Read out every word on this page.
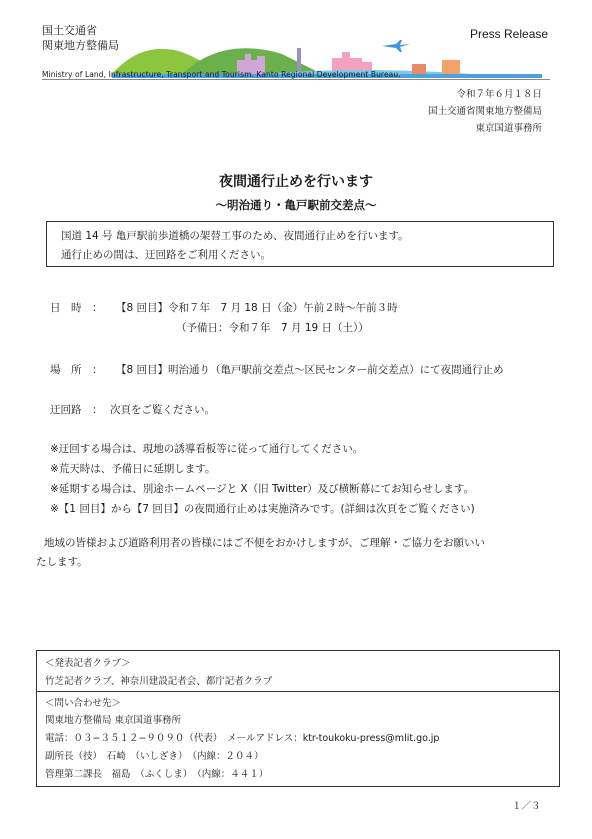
国土交通省
関東地方整備局
Press Release
Ministry of Land, Infrastructure, Transport and Tourism. Kanto Regional Development Bureau.
令和７年６月１８日
国土交通省関東地方整備局
東京国道事務所
夜間通行止めを行います
〜明治通り・亀戸駅前交差点〜
国道 14 号 亀戸駅前歩道橋の架替工事のため、夜間通行止めを行います。
通行止めの間は、迂回路をご利用ください。
日　時　： 【8 回目】令和７年　7 月 18 日（金）午前２時〜午前３時
（予備日：令和７年　7 月 19 日（土））
場　所　： 【8 回目】明治通り（亀戸駅前交差点〜区民センター前交差点）にて夜間通行止め
迂回路　： 次頁をご覧ください。
※迂回する場合は、現地の誘導看板等に従って通行してください。
※荒天時は、予備日に延期します。
※延期する場合は、別途ホームページと X（旧 Twitter）及び横断幕にてお知らせします。
※【1 回目】から【7 回目】の夜間通行止めは実施済みです。(詳細は次頁をご覧ください)
地域の皆様および道路利用者の皆様にはご不便をおかけしますが、ご理解・ご協力をお願いい
たします。
＜発表記者クラブ＞
竹芝記者クラブ、神奈川建設記者会、都庁記者クラブ
＜問い合わせ先＞
関東地方整備局 東京国道事務所
電話：０３−３５１２−９０９０（代表）　メールアドレス：ktr-toukoku-press@mlit.go.jp
副所長（技）　石崎　（いしざき）　（内線：２０４）
管理第二課長　福島　（ふくしま）　（内線：４４１）
１／３
